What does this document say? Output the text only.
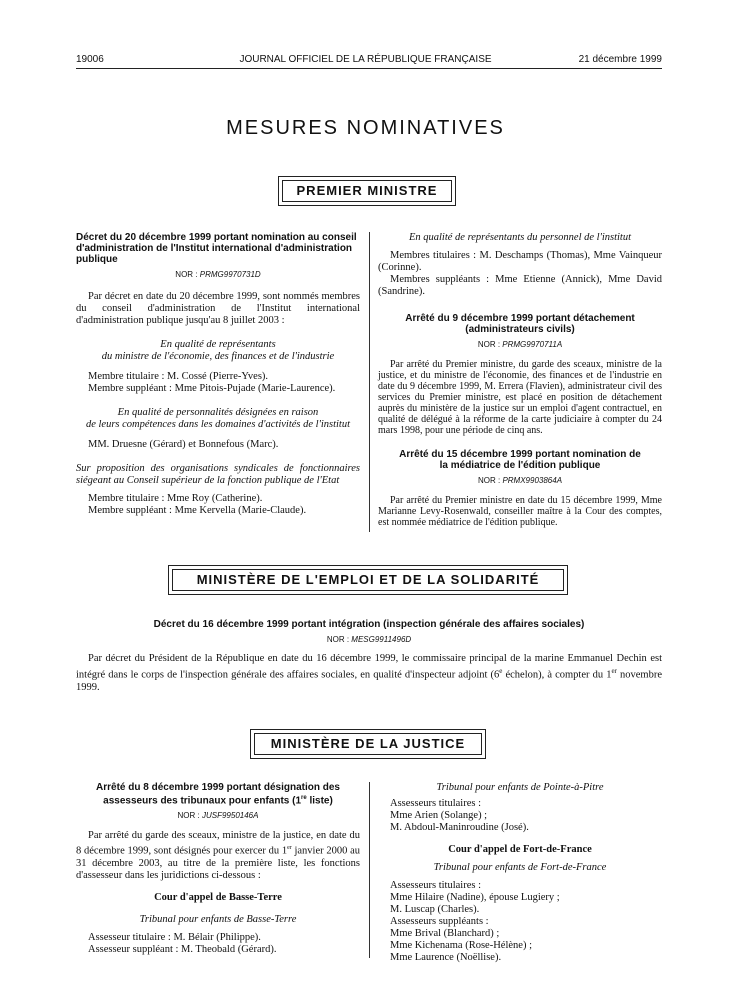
19006	JOURNAL OFFICIEL DE LA RÉPUBLIQUE FRANÇAISE	21 décembre 1999
MESURES NOMINATIVES
PREMIER MINISTRE
Décret du 20 décembre 1999 portant nomination au conseil d'administration de l'Institut international d'administration publique
NOR : PRMG9970731D
Par décret en date du 20 décembre 1999, sont nommés membres du conseil d'administration de l'Institut international d'administration publique jusqu'au 8 juillet 2003 :
En qualité de représentants
du ministre de l'économie, des finances et de l'industrie
Membre titulaire : M. Cossé (Pierre-Yves).
Membre suppléant : Mme Pitois-Pujade (Marie-Laurence).
En qualité de personnalités désignées en raison
de leurs compétences dans les domaines d'activités de l'institut
MM. Druesne (Gérard) et Bonnefous (Marc).
Sur proposition des organisations syndicales de fonctionnaires siégeant au Conseil supérieur de la fonction publique de l'Etat
Membre titulaire : Mme Roy (Catherine).
Membre suppléant : Mme Kervella (Marie-Claude).
En qualité de représentants du personnel de l'institut
Membres titulaires : M. Deschamps (Thomas), Mme Vainqueur (Corinne).
Membres suppléants : Mme Etienne (Annick), Mme David (Sandrine).
Arrêté du 9 décembre 1999 portant détachement (administrateurs civils)
NOR : PRMG9970711A
Par arrêté du Premier ministre, du garde des sceaux, ministre de la justice, et du ministre de l'économie, des finances et de l'industrie en date du 9 décembre 1999, M. Errera (Flavien), administrateur civil des services du Premier ministre, est placé en position de détachement auprès du ministère de la justice sur un emploi d'agent contractuel, en qualité de délégué à la réforme de la carte judiciaire à compter du 24 mars 1998, pour une période de cinq ans.
Arrêté du 15 décembre 1999 portant nomination de la médiatrice de l'édition publique
NOR : PRMX9903864A
Par arrêté du Premier ministre en date du 15 décembre 1999, Mme Marianne Levy-Rosenwald, conseiller maître à la Cour des comptes, est nommée médiatrice de l'édition publique.
MINISTÈRE DE L'EMPLOI ET DE LA SOLIDARITÉ
Décret du 16 décembre 1999 portant intégration (inspection générale des affaires sociales)
NOR : MESG9911496D
Par décret du Président de la République en date du 16 décembre 1999, le commissaire principal de la marine Emmanuel Dechin est intégré dans le corps de l'inspection générale des affaires sociales, en qualité d'inspecteur adjoint (6e échelon), à compter du 1er novembre 1999.
MINISTÈRE DE LA JUSTICE
Arrêté du 8 décembre 1999 portant désignation des assesseurs des tribunaux pour enfants (1re liste)
NOR : JUSF9950146A
Par arrêté du garde des sceaux, ministre de la justice, en date du 8 décembre 1999, sont désignés pour exercer du 1er janvier 2000 au 31 décembre 2003, au titre de la première liste, les fonctions d'assesseur dans les juridictions ci-dessous :
Cour d'appel de Basse-Terre
Tribunal pour enfants de Basse-Terre
Assesseur titulaire : M. Bélair (Philippe).
Assesseur suppléant : M. Theobald (Gérard).
Tribunal pour enfants de Pointe-à-Pitre
Assesseurs titulaires :
Mme Arien (Solange) ;
M. Abdoul-Maninroudine (José).
Cour d'appel de Fort-de-France
Tribunal pour enfants de Fort-de-France
Assesseurs titulaires :
Mme Hilaire (Nadine), épouse Lugiery ;
M. Luscap (Charles).
Assesseurs suppléants :
Mme Brival (Blanchard) ;
Mme Kichenama (Rose-Hélène) ;
Mme Laurence (Noëllise).
